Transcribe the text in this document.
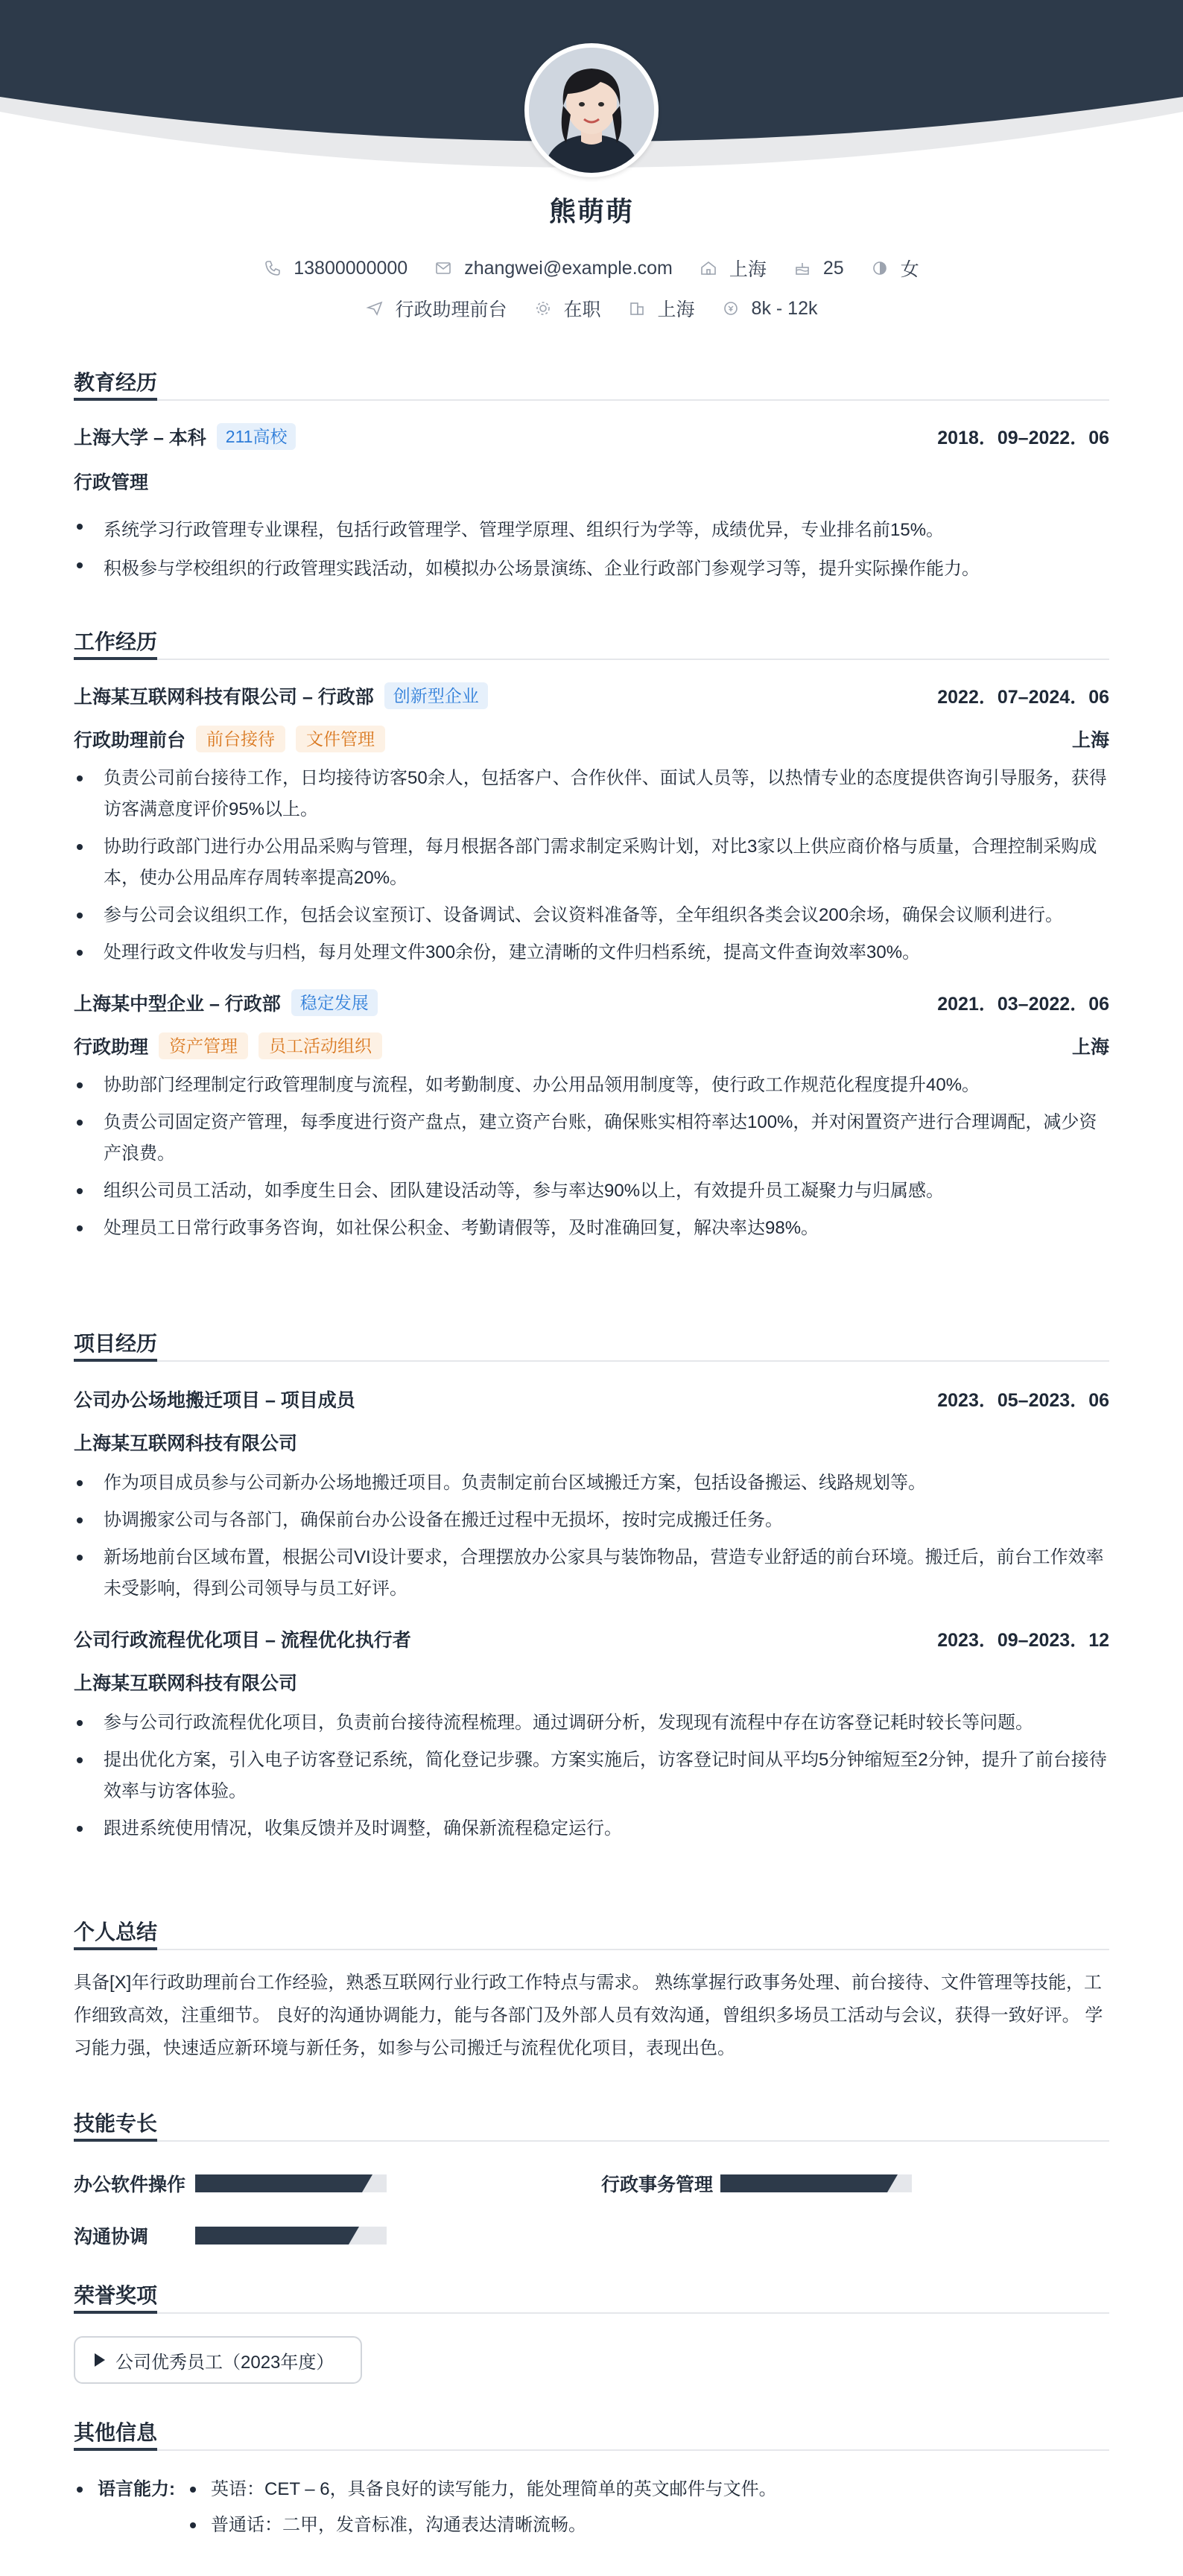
熊萌萌
13800000000	zhangwei@example.com	上海	25	女
行政助理前台	在职	上海	8k - 12k
教育经历
上海大学 – 本科	211高校	2018．09–2022．06
行政管理
系统学习行政管理专业课程，包括行政管理学、管理学原理、组织行为学等，成绩优异，专业排名前15%。
积极参与学校组织的行政管理实践活动，如模拟办公场景演练、企业行政部门参观学习等，提升实际操作能力。
工作经历
上海某互联网科技有限公司 – 行政部	创新型企业	2022．07–2024．06
行政助理前台	前台接待	文件管理	上海
负责公司前台接待工作，日均接待访客50余人，包括客户、合作伙伴、面试人员等，以热情专业的态度提供咨询引导服务，获得访客满意度评价95%以上。
协助行政部门进行办公用品采购与管理，每月根据各部门需求制定采购计划，对比3家以上供应商价格与质量，合理控制采购成本，使办公用品库存周转率提高20%。
参与公司会议组织工作，包括会议室预订、设备调试、会议资料准备等，全年组织各类会议200余场，确保会议顺利进行。
处理行政文件收发与归档，每月处理文件300余份，建立清晰的文件归档系统，提高文件查询效率30%。
上海某中型企业 – 行政部	稳定发展	2021．03–2022．06
行政助理	资产管理	员工活动组织	上海
协助部门经理制定行政管理制度与流程，如考勤制度、办公用品领用制度等，使行政工作规范化程度提升40%。
负责公司固定资产管理，每季度进行资产盘点，建立资产台账，确保账实相符率达100%，并对闲置资产进行合理调配，减少资产浪费。
组织公司员工活动，如季度生日会、团队建设活动等，参与率达90%以上，有效提升员工凝聚力与归属感。
处理员工日常行政事务咨询，如社保公积金、考勤请假等，及时准确回复，解决率达98%。
项目经历
公司办公场地搬迁项目 – 项目成员	2023．05–2023．06
上海某互联网科技有限公司
作为项目成员参与公司新办公场地搬迁项目。负责制定前台区域搬迁方案，包括设备搬运、线路规划等。
协调搬家公司与各部门，确保前台办公设备在搬迁过程中无损坏，按时完成搬迁任务。
新场地前台区域布置，根据公司VI设计要求，合理摆放办公家具与装饰物品，营造专业舒适的前台环境。搬迁后，前台工作效率未受影响，得到公司领导与员工好评。
公司行政流程优化项目 – 流程优化执行者	2023．09–2023．12
上海某互联网科技有限公司
参与公司行政流程优化项目，负责前台接待流程梳理。通过调研分析，发现现有流程中存在访客登记耗时较长等问题。
提出优化方案，引入电子访客登记系统，简化登记步骤。方案实施后，访客登记时间从平均5分钟缩短至2分钟，提升了前台接待效率与访客体验。
跟进系统使用情况，收集反馈并及时调整，确保新流程稳定运行。
个人总结

具备[X]年行政助理前台工作经验，熟悉互联网行业行政工作特点与需求。 熟练掌握行政事务处理、前台接待、文件管理等技能，工作细致高效，注重细节。 良好的沟通协调能力，能与各部门及外部人员有效沟通，曾组织多场员工活动与会议，获得一致好评。 学习能力强，快速适应新环境与新任务，如参与公司搬迁与流程优化项目，表现出色。

技能专长
办公软件操作	行政事务管理
沟通协调
荣誉奖项
公司优秀员工（2023年度）
其他信息
语言能力:	英语：CET – 6，具备良好的读写能力，能处理简单的英文邮件与文件。
普通话：二甲，发音标准，沟通表达清晰流畅。
